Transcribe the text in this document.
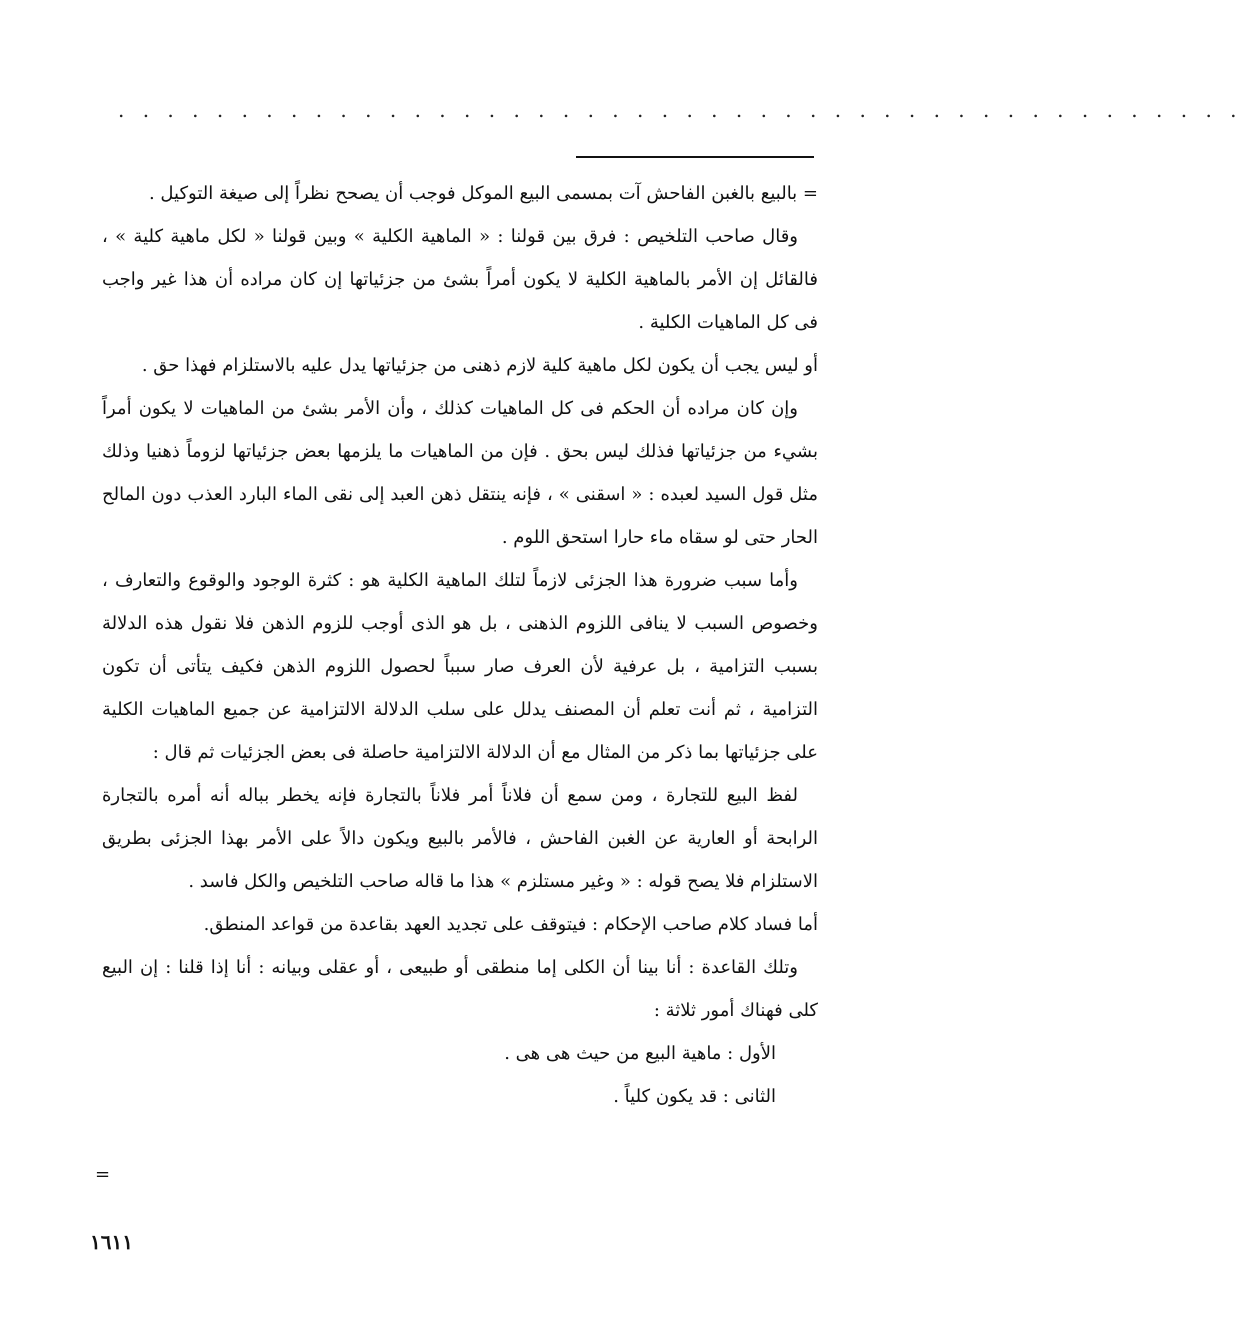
. . . . . . . . . . . . . . . . . . . . . . . . . . . . . . . . . . . . . . . . . . . . . .

= بالبيع بالغبن الفاحش آت بمسمى البيع الموكل فوجب أن يصحح نظراً إلى صيغة التوكيل .

وقال صاحب التلخيص : فرق بين قولنا : « الماهية الكلية » وبين قولنا « لكل ماهية كلية » ، فالقائل إن الأمر بالماهية الكلية لا يكون أمراً بشئ من جزئياتها إن كان مراده أن هذا غير واجب فى كل الماهيات الكلية .

أو ليس يجب أن يكون لكل ماهية كلية لازم ذهنى من جزئياتها يدل عليه بالاستلزام فهذا حق .

وإن كان مراده أن الحكم فى كل الماهيات كذلك ، وأن الأمر بشئ من الماهيات لا يكون أمراً بشيء من جزئياتها فذلك ليس بحق . فإن من الماهيات ما يلزمها بعض جزئياتها لزوماً ذهنيا وذلك مثل قول السيد لعبده : « اسقنى » ، فإنه ينتقل ذهن العبد إلى نقى الماء البارد العذب دون المالح الحار حتى لو سقاه ماء حارا استحق اللوم .

وأما سبب ضرورة هذا الجزئى لازماً لتلك الماهية الكلية هو : كثرة الوجود والوقوع والتعارف ، وخصوص السبب لا ينافى اللزوم الذهنى ، بل هو الذى أوجب للزوم الذهن فلا نقول هذه الدلالة بسبب التزامية ، بل عرفية لأن العرف صار سبباً لحصول اللزوم الذهن فكيف يتأتى أن تكون التزامية ، ثم أنت تعلم أن المصنف يدلل على سلب الدلالة الالتزامية عن جميع الماهيات الكلية على جزئياتها بما ذكر من المثال مع أن الدلالة الالتزامية حاصلة فى بعض الجزئيات ثم قال :

لفظ البيع للتجارة ، ومن سمع أن فلاناً أمر فلاناً بالتجارة فإنه يخطر بباله أنه أمره بالتجارة الرابحة أو العارية عن الغبن الفاحش ، فالأمر بالبيع ويكون دالاً على الأمر بهذا الجزئى بطريق الاستلزام فلا يصح قوله : « وغير مستلزم » هذا ما قاله صاحب التلخيص والكل فاسد .

أما فساد كلام صاحب الإحكام : فيتوقف على تجديد العهد بقاعدة من قواعد المنطق.

وتلك القاعدة : أنا بينا أن الكلى إما منطقى أو طبيعى ، أو عقلى وبيانه : أنا إذا قلنا : إن البيع كلى فهناك أمور ثلاثة :

الأول : ماهية البيع من حيث هى هى .

الثانى : قد يكون كلياً .

=
١٦١١
